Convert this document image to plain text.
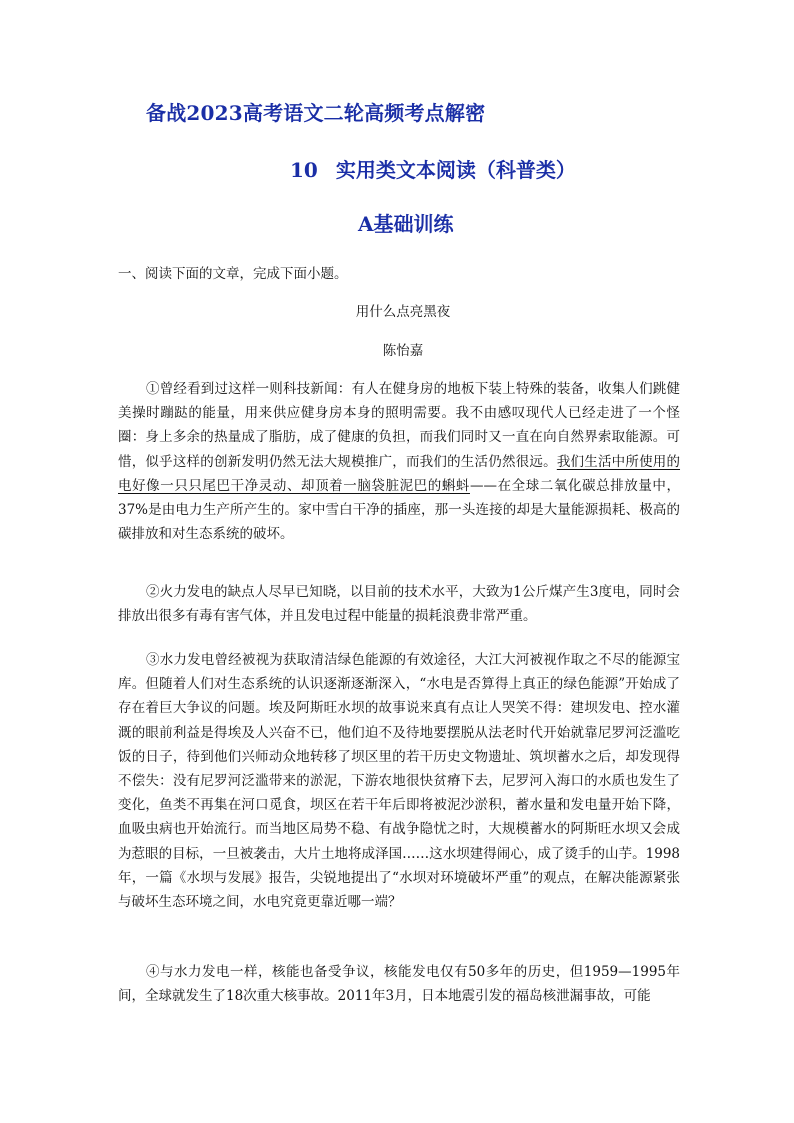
备战2023高考语文二轮高频考点解密
10 实用类文本阅读（科普类）
A基础训练
一、阅读下面的文章，完成下面小题。
用什么点亮黑夜
陈怡嘉

①曾经看到过这样一则科技新闻：有人在健身房的地板下装上特殊的装备，收集人们跳健美操时蹦跶的能量，用来供应健身房本身的照明需要。我不由感叹现代人已经走进了一个怪圈：身上多余的热量成了脂肪，成了健康的负担，而我们同时又一直在向自然界索取能源。可惜，似乎这样的创新发明仍然无法大规模推广，而我们的生活仍然很远。我们生活中所使用的电好像一只只尾巴干净灵动、却顶着一脑袋脏泥巴的蝌蚪——在全球二氧化碳总排放量中，37%是由电力生产所产生的。家中雪白干净的插座，那一头连接的却是大量能源损耗、极高的碳排放和对生态系统的破坏。

②火力发电的缺点人尽早已知晓，以目前的技术水平，大致为1公斤煤产生3度电，同时会排放出很多有毒有害气体，并且发电过程中能量的损耗浪费非常严重。

③水力发电曾经被视为获取清洁绿色能源的有效途径，大江大河被视作取之不尽的能源宝库。但随着人们对生态系统的认识逐渐逐渐深入，“水电是否算得上真正的绿色能源”开始成了存在着巨大争议的问题。埃及阿斯旺水坝的故事说来真有点让人哭笑不得：建坝发电、控水灌溉的眼前利益是得埃及人兴奋不已，他们迫不及待地要摆脱从法老时代开始就靠尼罗河泛滥吃饭的日子，待到他们兴师动众地转移了坝区里的若干历史文物遗址、筑坝蓄水之后，却发现得不偿失：没有尼罗河泛滥带来的淤泥，下游农地很快贫瘠下去，尼罗河入海口的水质也发生了变化，鱼类不再集在河口觅食，坝区在若干年后即将被泥沙淤积，蓄水量和发电量开始下降，血吸虫病也开始流行。而当地区局势不稳、有战争隐忧之时，大规模蓄水的阿斯旺水坝又会成为惹眼的目标，一旦被袭击，大片土地将成泽国……这水坝建得闹心，成了烫手的山芋。1998年，一篇《水坝与发展》报告，尖锐地提出了“水坝对环境破坏严重”的观点，在解决能源紧张与破坏生态环境之间，水电究竟更靠近哪一端？

④与水力发电一样，核能也备受争议，核能发电仅有50多年的历史，但1959—1995年间，全球就发生了18次重大核事故。2011年3月，日本地震引发的福岛核泄漏事故，可能
